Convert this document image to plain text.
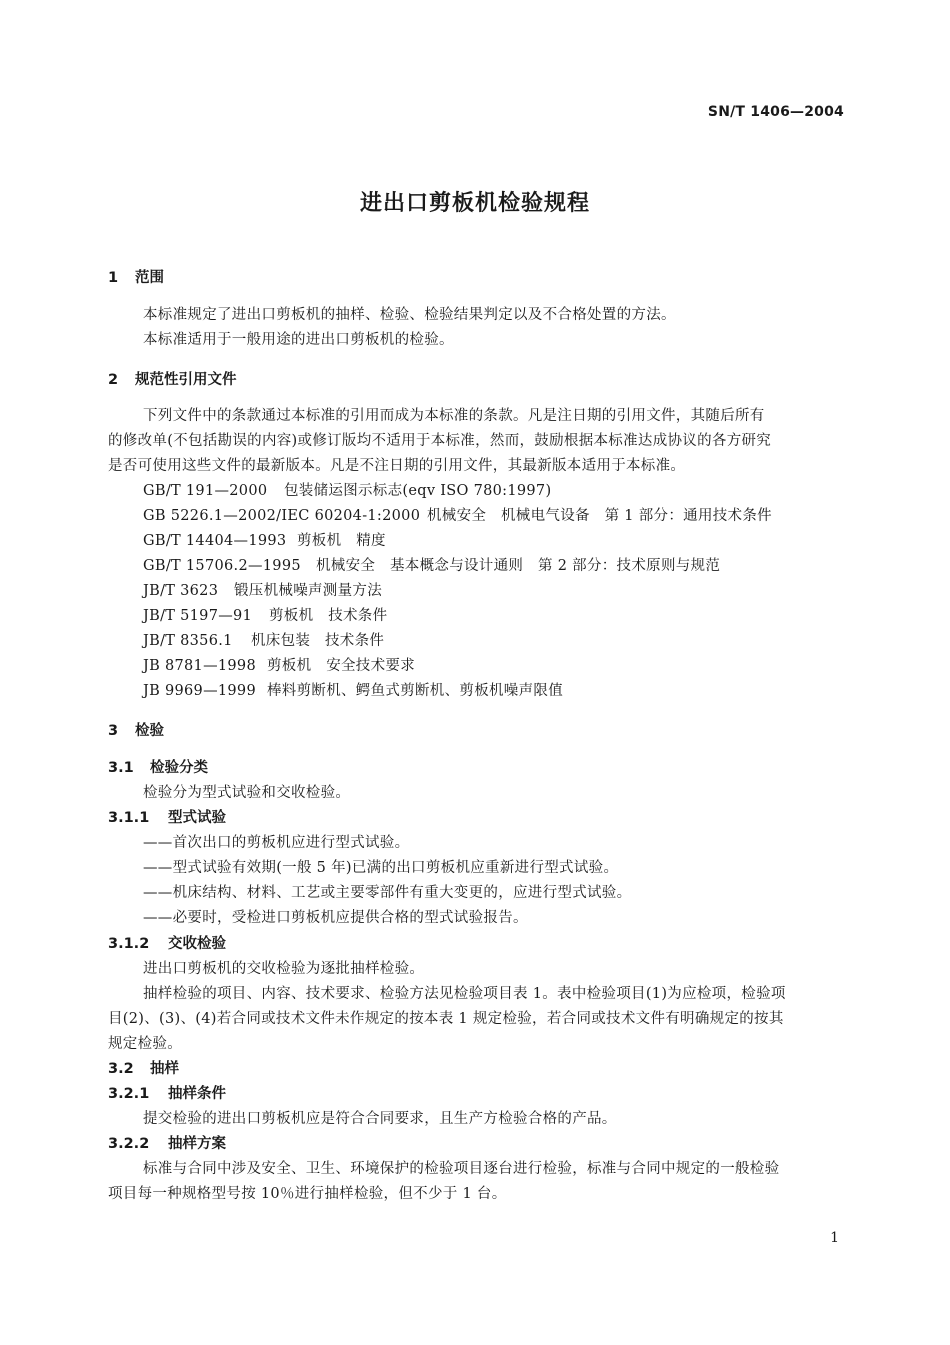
SN/T 1406—2004
进出口剪板机检验规程
1 范围
本标准规定了进出口剪板机的抽样、检验、检验结果判定以及不合格处置的方法。
本标准适用于一般用途的进出口剪板机的检验。
2 规范性引用文件
下列文件中的条款通过本标准的引用而成为本标准的条款。凡是注日期的引用文件，其随后所有
的修改单(不包括勘误的内容)或修订版均不适用于本标准，然而，鼓励根据本标准达成协议的各方研究
是否可使用这些文件的最新版本。凡是不注日期的引用文件，其最新版本适用于本标准。
GB/T 191—2000 包装储运图示标志(eqv ISO 780:1997)
GB 5226.1—2002/IEC 60204-1:2000 机械安全　机械电气设备　第 1 部分：通用技术条件
GB/T 14404—1993 剪板机　精度
GB/T 15706.2—1995 机械安全　基本概念与设计通则　第 2 部分：技术原则与规范
JB/T 3623 锻压机械噪声测量方法
JB/T 5197—91 剪板机　技术条件
JB/T 8356.1 机床包装　技术条件
JB 8781—1998 剪板机　安全技术要求
JB 9969—1999 棒料剪断机、鳄鱼式剪断机、剪板机噪声限值
3 检验
3.1 检验分类
检验分为型式试验和交收检验。
3.1.1 型式试验
——首次出口的剪板机应进行型式试验。
——型式试验有效期(一般 5 年)已满的出口剪板机应重新进行型式试验。
——机床结构、材料、工艺或主要零部件有重大变更的，应进行型式试验。
——必要时，受检进口剪板机应提供合格的型式试验报告。
3.1.2 交收检验
进出口剪板机的交收检验为逐批抽样检验。
抽样检验的项目、内容、技术要求、检验方法见检验项目表 1。表中检验项目(1)为应检项，检验项
目(2)、(3)、(4)若合同或技术文件未作规定的按本表 1 规定检验，若合同或技术文件有明确规定的按其
规定检验。
3.2 抽样
3.2.1 抽样条件
提交检验的进出口剪板机应是符合合同要求，且生产方检验合格的产品。
3.2.2 抽样方案
标准与合同中涉及安全、卫生、环境保护的检验项目逐台进行检验，标准与合同中规定的一般检验
项目每一种规格型号按 10％进行抽样检验，但不少于 1 台。
1
